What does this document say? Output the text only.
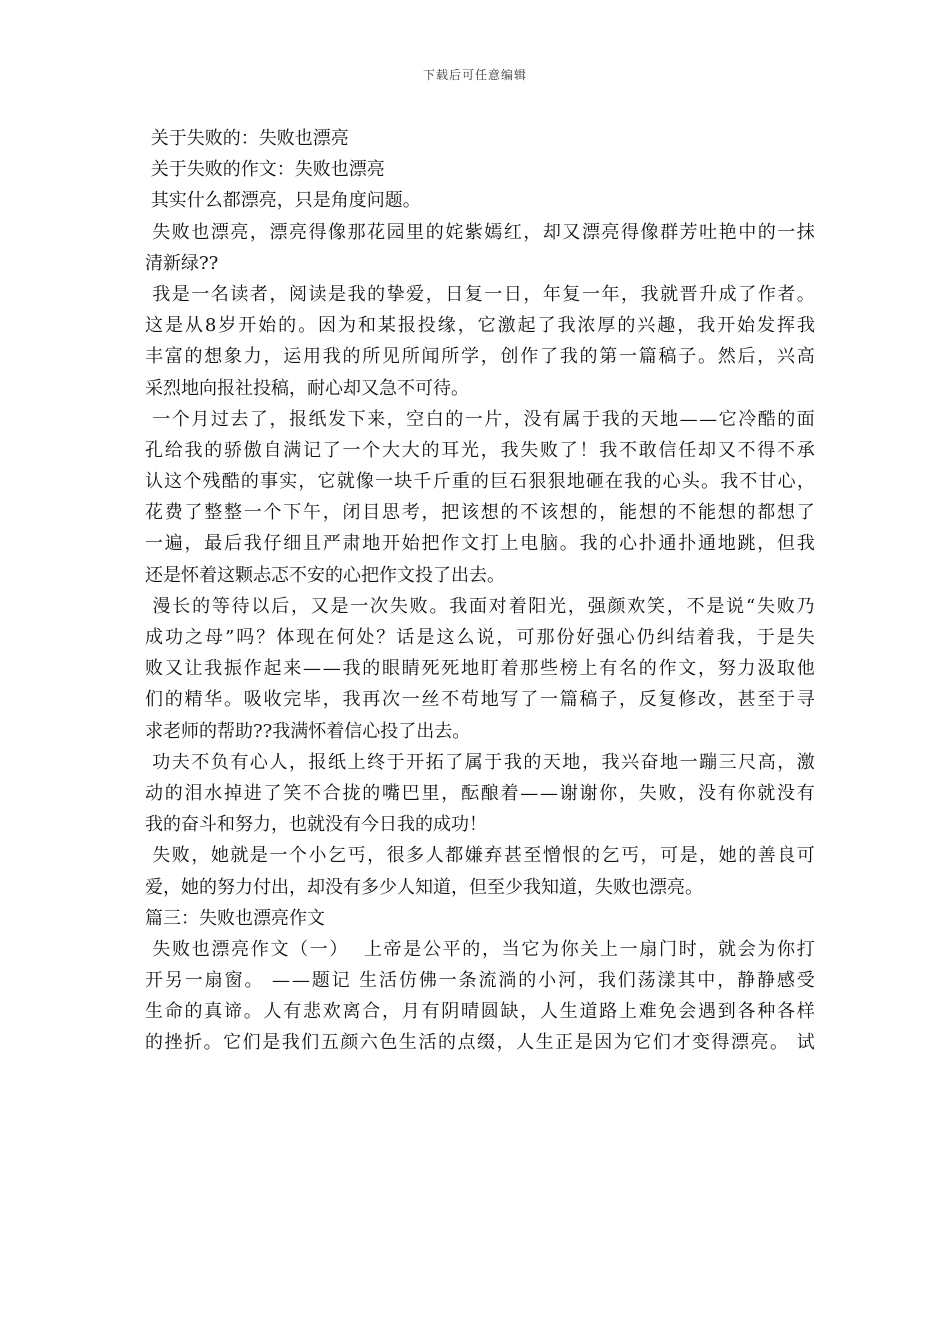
下载后可任意编辑
关于失败的：失败也漂亮
关于失败的作文：失败也漂亮
其实什么都漂亮，只是角度问题。

失 败 也 漂 亮 ， 漂 亮 得 像 那 花 园 里 的 姹 紫 嫣 红 ， 却 又 漂 亮 得 像 群 芳 吐 艳 中 的 一 抹
清新绿??

我 是 一 名 读 者 ， 阅 读 是 我 的 挚 爱 ， 日 复 一 日 ， 年 复 一 年 ， 我 就 晋 升 成 了 作 者 。
这 是 从 8 岁 开 始 的 。 因 为 和 某 报 投 缘 ， 它 激 起 了 我 浓 厚 的 兴 趣 ， 我 开 始 发 挥 我
丰 富 的 想 象 力 ， 运 用 我 的 所 见 所 闻 所 学 ， 创 作 了 我 的 第 一 篇 稿 子 。 然 后 ， 兴 高
采烈地向报社投稿，耐心却又急不可待。

一 个 月 过 去 了 ， 报 纸 发 下 来 ， 空 白 的 一 片 ， 没 有 属 于 我 的 天 地 — — 它 冷 酷 的 面
孔 给 我 的 骄 傲 自 满 记 了 一 个 大 大 的 耳 光 ， 我 失 败 了 ！ 我 不 敢 信 任 却 又 不 得 不 承
认 这 个 残 酷 的 事 实 ， 它 就 像 一 块 千 斤 重 的 巨 石 狠 狠 地 砸 在 我 的 心 头 。 我 不 甘 心 ，
花 费 了 整 整 一 个 下 午 ， 闭 目 思 考 ， 把 该 想 的 不 该 想 的 ， 能 想 的 不 能 想 的 都 想 了
一 遍 ， 最 后 我 仔 细 且 严 肃 地 开 始 把 作 文 打 上 电 脑 。 我 的 心 扑 通 扑 通 地 跳 ， 但 我
还是怀着这颗忐忑不安的心把作文投了出去。

漫 长 的 等 待 以 后 ， 又 是 一 次 失 败 。 我 面 对 着 阳 光 ， 强 颜 欢 笑 ， 不 是 说 “ 失 败 乃
成 功 之 母 ” 吗 ？ 体 现 在 何 处 ？ 话 是 这 么 说 ， 可 那 份 好 强 心 仍 纠 结 着 我 ， 于 是 失
败 又 让 我 振 作 起 来 — — 我 的 眼 睛 死 死 地 盯 着 那 些 榜 上 有 名 的 作 文 ， 努 力 汲 取 他
们 的 精 华 。 吸 收 完 毕 ， 我 再 次 一 丝 不 苟 地 写 了 一 篇 稿 子 ， 反 复 修 改 ， 甚 至 于 寻
求老师的帮助??我满怀着信心投了出去。

功 夫 不 负 有 心 人 ， 报 纸 上 终 于 开 拓 了 属 于 我 的 天 地 ， 我 兴 奋 地 一 蹦 三 尺 高 ， 激
动 的 泪 水 掉 进 了 笑 不 合 拢 的 嘴 巴 里 ， 酝 酿 着 — — 谢 谢 你 ， 失 败 ， 没 有 你 就 没 有
我的奋斗和努力，也就没有今日我的成功！

失 败 ， 她 就 是 一 个 小 乞 丐 ， 很 多 人 都 嫌 弃 甚 至 憎 恨 的 乞 丐 ， 可 是 ， 她 的 善 良 可
爱，她的努力付出，却没有多少人知道，但至少我知道，失败也漂亮。
篇三：失败也漂亮作文

失 败 也 漂 亮 作 文 （ 一 ）

上 帝 是 公 平 的 ， 当 它 为 你 关 上 一 扇 门 时 ， 就 会 为 你 打
开 另 一 扇 窗 。
— — 题 记
生 活 仿 佛 一 条 流 淌 的 小 河 ， 我 们 荡 漾 其 中 ， 静 静 感 受
生 命 的 真 谛 。 人 有 悲 欢 离 合 ， 月 有 阴 晴 圆 缺 ， 人 生 道 路 上 难 免 会 遇 到 各 种 各 样
的 挫 折 。 它 们 是 我 们 五 颜 六 色 生 活 的 点 缀 ， 人 生 正 是 因 为 它 们 才 变 得 漂 亮 。
试
